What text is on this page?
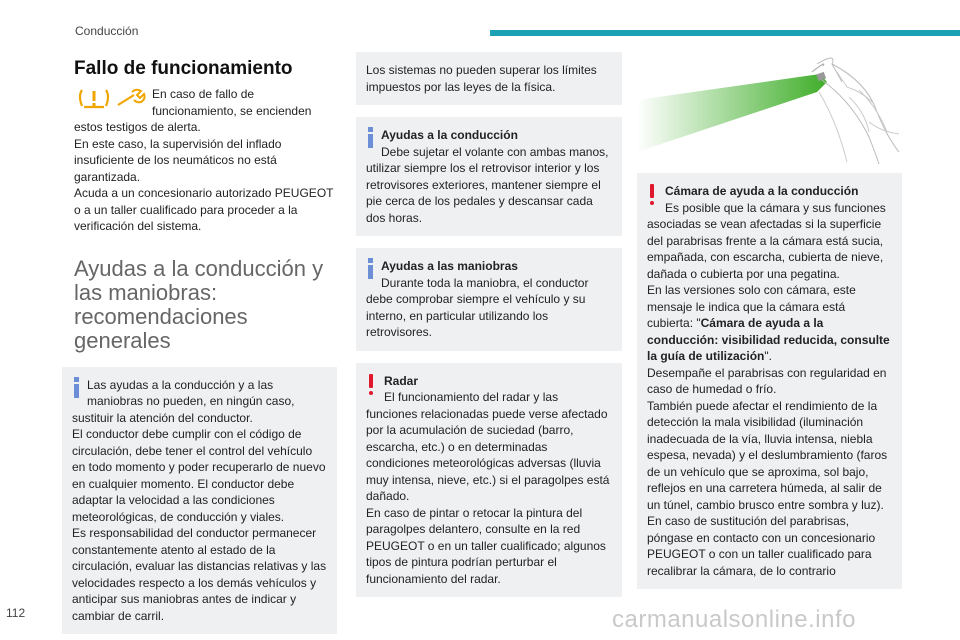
Conducción
Fallo de funcionamiento
En caso de fallo de funcionamiento, se encienden
estos testigos de alerta.
En este caso, la supervisión del inflado insuficiente de los neumáticos no está garantizada.
Acuda a un concesionario autorizado PEUGEOT o a un taller cualificado para proceder a la verificación del sistema.
Ayudas a la conducción y las maniobras: recomendaciones generales
Las ayudas a la conducción y a las maniobras no pueden, en ningún caso, sustituir la atención del conductor.
El conductor debe cumplir con el código de circulación, debe tener el control del vehículo en todo momento y poder recuperarlo de nuevo en cualquier momento. El conductor debe adaptar la velocidad a las condiciones meteorológicas, de conducción y viales.
Es responsabilidad del conductor permanecer constantemente atento al estado de la circulación, evaluar las distancias relativas y las velocidades respecto a los demás vehículos y anticipar sus maniobras antes de indicar y cambiar de carril.
Los sistemas no pueden superar los límites impuestos por las leyes de la física.
Ayudas a la conducción
Debe sujetar el volante con ambas manos, utilizar siempre los el retrovisor interior y los retrovisores exteriores, mantener siempre el pie cerca de los pedales y descansar cada dos horas.
Ayudas a las maniobras
Durante toda la maniobra, el conductor debe comprobar siempre el vehículo y su interno, en particular utilizando los retrovisores.
Radar
El funcionamiento del radar y las funciones relacionadas puede verse afectado por la acumulación de suciedad (barro, escarcha, etc.) o en determinadas condiciones meteorológicas adversas (lluvia muy intensa, nieve, etc.) si el paragolpes está dañado.
En caso de pintar o retocar la pintura del paragolpes delantero, consulte en la red PEUGEOT o en un taller cualificado; algunos tipos de pintura podrían perturbar el funcionamiento del radar.
Cámara de ayuda a la conducción
Es posible que la cámara y sus funciones asociadas se vean afectadas si la superficie del parabrisas frente a la cámara está sucia, empañada, con escarcha, cubierta de nieve, dañada o cubierta por una pegatina.
En las versiones solo con cámara, este mensaje le indica que la cámara está cubierta: "Cámara de ayuda a la conducción: visibilidad reducida, consulte la guía de utilización".
Desempañe el parabrisas con regularidad en caso de humedad o frío.
También puede afectar el rendimiento de la detección la mala visibilidad (iluminación inadecuada de la vía, lluvia intensa, niebla espesa, nevada) y el deslumbramiento (faros de un vehículo que se aproxima, sol bajo, reflejos en una carretera húmeda, al salir de un túnel, cambio brusco entre sombra y luz).
En caso de sustitución del parabrisas, póngase en contacto con un concesionario PEUGEOT o con un taller cualificado para recalibrar la cámara, de lo contrario
112	carmanualsonline.info
